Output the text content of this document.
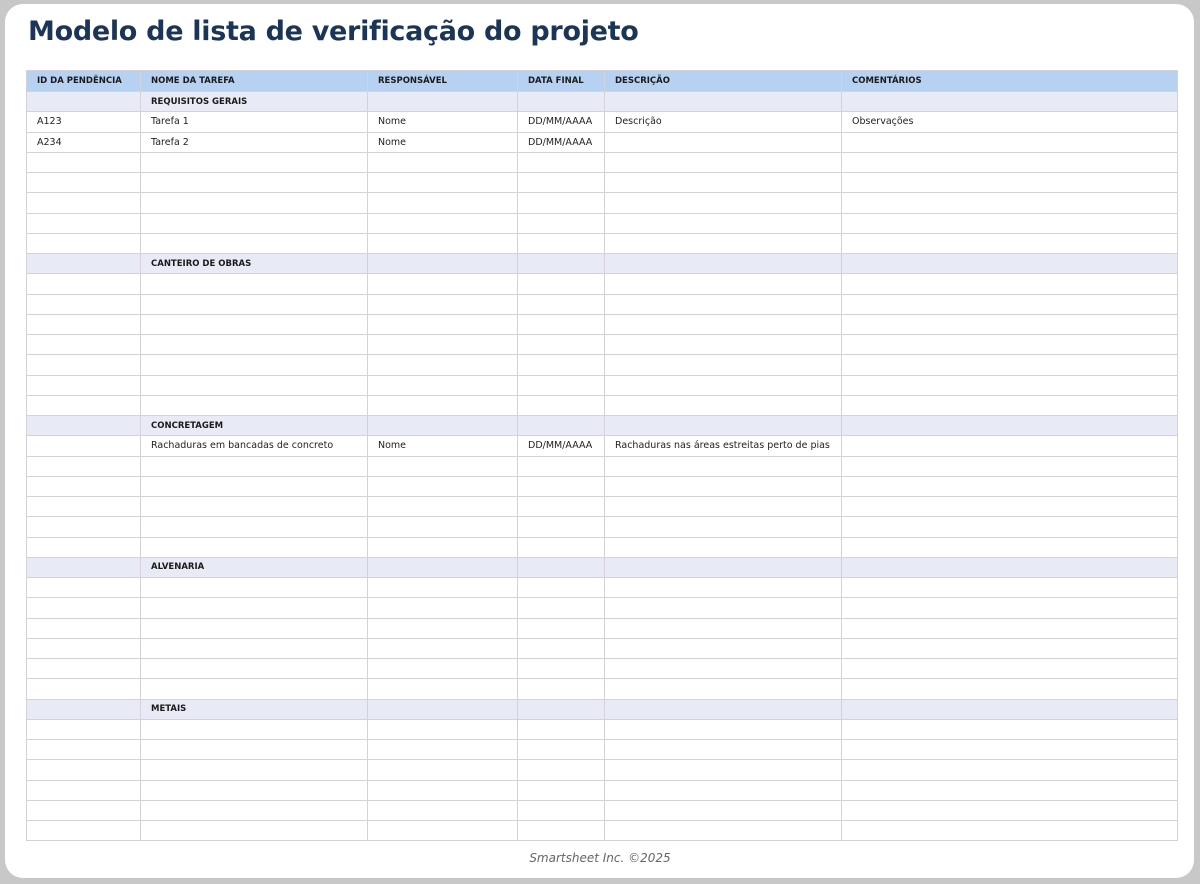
Modelo de lista de verificação do projeto
ID DA PENDÊNCIA	NOME DA TAREFA	RESPONSÁVEL	DATA FINAL	DESCRIÇÃO	COMENTÁRIOS
	REQUISITOS GERAIS				
A123	Tarefa 1	Nome	DD/MM/AAAA	Descrição	Observações
A234	Tarefa 2	Nome	DD/MM/AAAA		

	CANTEIRO DE OBRAS				

	CONCRETAGEM				
	Rachaduras em bancadas de concreto	Nome	DD/MM/AAAA	Rachaduras nas áreas estreitas perto de pias	

	ALVENARIA				

	METAIS				

Smartsheet Inc. ©2025
